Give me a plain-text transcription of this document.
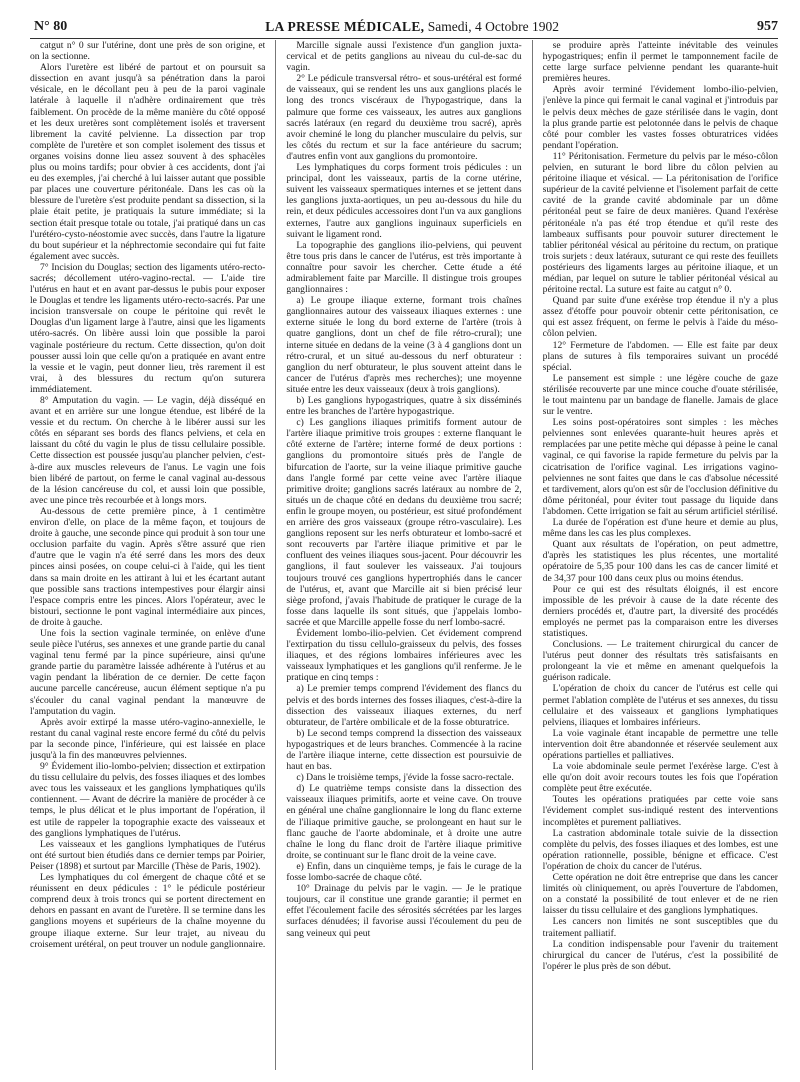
N° 80	LA PRESSE MÉDICALE, Samedi, 4 Octobre 1902	957

catgut n° 0 sur l'utérine, dont une près de son origine, et on la sectionne.

Alors l'uretère est libéré de partout et on poursuit sa dissection en avant jusqu'à sa pénétration dans la paroi vésicale, en le décollant peu à peu de la paroi vaginale latérale à laquelle il n'adhère ordinairement que très faiblement. On procède de la même manière du côté opposé et les deux uretères sont complètement isolés et traversent librement la cavité pelvienne. La dissection par trop complète de l'uretère et son complet isolement des tissus et organes voisins donne lieu assez souvent à des sphacèles plus ou moins tardifs; pour obvier à ces accidents, dont j'ai eu des exemples, j'ai cherché à lui laisser autant que possible par places une couverture péritonéale. Dans les cas où la blessure de l'uretère s'est produite pendant sa dissection, si la plaie était petite, je pratiquais la suture immédiate; si la section était presque totale ou totale, j'ai pratiqué dans un cas l'urétéro-cysto-néostomie avec succès, dans l'autre la ligature du bout supérieur et la néphrectomie secondaire qui fut faite également avec succès.

7° Incision du Douglas; section des ligaments utéro-recto-sacrés; décollement utéro-vagino-rectal. — L'aide tire l'utérus en haut et en avant par-dessus le pubis pour exposer le Douglas et tendre les ligaments utéro-recto-sacrés. Par une incision transversale on coupe le péritoine qui revêt le Douglas d'un ligament large à l'autre, ainsi que les ligaments utéro-sacrés. On libère aussi loin que possible la paroi vaginale postérieure du rectum. Cette dissection, qu'on doit pousser aussi loin que celle qu'on a pratiquée en avant entre la vessie et le vagin, peut donner lieu, très rarement il est vrai, à des blessures du rectum qu'on suturera immédiatement.

8° Amputation du vagin. — Le vagin, déjà disséqué en avant et en arrière sur une longue étendue, est libéré de la vessie et du rectum. On cherche à le libérer aussi sur les côtés en séparant ses bords des flancs pelviens, et cela en laissant du côté du vagin le plus de tissu cellulaire possible. Cette dissection est poussée jusqu'au plancher pelvien, c'est-à-dire aux muscles releveurs de l'anus. Le vagin une fois bien libéré de partout, on ferme le canal vaginal au-dessous de la lésion cancéreuse du col, et aussi loin que possible, avec une pince très recourbée et à longs mors.

Au-dessous de cette première pince, à 1 centimètre environ d'elle, on place de la même façon, et toujours de droite à gauche, une seconde pince qui produit à son tour une occlusion parfaite du vagin. Après s'être assuré que rien d'autre que le vagin n'a été serré dans les mors des deux pinces ainsi posées, on coupe celui-ci à l'aide, qui les tient dans sa main droite en les attirant à lui et les écartant autant que possible sans tractions intempestives pour élargir ainsi l'espace compris entre les pinces. Alors l'opérateur, avec le bistouri, sectionne le pont vaginal intermédiaire aux pinces, de droite à gauche.

Une fois la section vaginale terminée, on enlève d'une seule pièce l'utérus, ses annexes et une grande partie du canal vaginal tenu fermé par la pince supérieure, ainsi qu'une grande partie du paramètre laissée adhérente à l'utérus et au vagin pendant la libération de ce dernier. De cette façon aucune parcelle cancéreuse, aucun élément septique n'a pu s'écouler du canal vaginal pendant la manœuvre de l'amputation du vagin.

Après avoir extirpé la masse utéro-vagino-annexielle, le restant du canal vaginal reste encore fermé du côté du pelvis par la seconde pince, l'inférieure, qui est laissée en place jusqu'à la fin des manœuvres pelviennes.

9° Évidement ilio-lombo-pelvien; dissection et extirpation du tissu cellulaire du pelvis, des fosses iliaques et des lombes avec tous les vaisseaux et les ganglions lymphatiques qu'ils contiennent. — Avant de décrire la manière de procéder à ce temps, le plus délicat et le plus important de l'opération, il est utile de rappeler la topographie exacte des vaisseaux et des ganglions lymphatiques de l'utérus.

Les vaisseaux et les ganglions lymphatiques de l'utérus ont été surtout bien étudiés dans ce dernier temps par Poirier, Peiser (1898) et surtout par Marcille (Thèse de Paris, 1902).

Les lymphatiques du col émergent de chaque côté et se réunissent en deux pédicules : 1° le pédicule postérieur comprend deux à trois troncs qui se portent directement en dehors en passant en avant de l'uretère. Il se termine dans les ganglions moyens et supérieurs de la chaîne moyenne du groupe iliaque externe. Sur leur trajet, au niveau du croisement urétéral, on peut trouver un nodule ganglionnaire.

Marcille signale aussi l'existence d'un ganglion juxta-cervical et de petits ganglions au niveau du cul-de-sac du vagin.

2° Le pédicule transversal rétro- et sous-urétéral est formé de vaisseaux, qui se rendent les uns aux ganglions placés le long des troncs viscéraux de l'hypogastrique, dans la palmure que forme ces vaisseaux, les autres aux ganglions sacrés latéraux (en regard du deuxième trou sacré), après avoir cheminé le long du plancher musculaire du pelvis, sur les côtés du rectum et sur la face antérieure du sacrum; d'autres enfin vont aux ganglions du promontoire.

Les lymphatiques du corps forment trois pédicules : un principal, dont les vaisseaux, partis de la corne utérine, suivent les vaisseaux spermatiques internes et se jettent dans les ganglions juxta-aortiques, un peu au-dessous du hile du rein, et deux pédicules accessoires dont l'un va aux ganglions externes, l'autre aux ganglions inguinaux superficiels en suivant le ligament rond.

La topographie des ganglions ilio-pelviens, qui peuvent être tous pris dans le cancer de l'utérus, est très importante à connaître pour savoir les chercher. Cette étude a été admirablement faite par Marcille. Il distingue trois groupes ganglionnaires :

a) Le groupe iliaque externe, formant trois chaînes ganglionnaires autour des vaisseaux iliaques externes : une externe située le long du bord externe de l'artère (trois à quatre ganglions, dont un chef de file rétro-crural); une interne située en dedans de la veine (3 à 4 ganglions dont un rétro-crural, et un situé au-dessous du nerf obturateur : ganglion du nerf obturateur, le plus souvent atteint dans le cancer de l'utérus d'après mes recherches); une moyenne située entre les deux vaisseaux (deux à trois ganglions).

b) Les ganglions hypogastriques, quatre à six disséminés entre les branches de l'artère hypogastrique.

c) Les ganglions iliaques primitifs forment autour de l'artère iliaque primitive trois groupes : externe flanquant le côté externe de l'artère; interne formé de deux portions : ganglions du promontoire situés près de l'angle de bifurcation de l'aorte, sur la veine iliaque primitive gauche dans l'angle formé par cette veine avec l'artère iliaque primitive droite; ganglions sacrés latéraux au nombre de 2, situés un de chaque côté en dedans du deuxième trou sacré; enfin le groupe moyen, ou postérieur, est situé profondément en arrière des gros vaisseaux (groupe rétro-vasculaire). Les ganglions reposent sur les nerfs obturateur et lombo-sacré et sont recouverts par l'artère iliaque primitive et par le confluent des veines iliaques sous-jacent. Pour découvrir les ganglions, il faut soulever les vaisseaux. J'ai toujours toujours trouvé ces ganglions hypertrophiés dans le cancer de l'utérus, et, avant que Marcille ait si bien précisé leur siège profond, j'avais l'habitude de pratiquer le curage de la fosse dans laquelle ils sont situés, que j'appelais lombo-sacrée et que Marcille appelle fosse du nerf lombo-sacré.

Évidement lombo-ilio-pelvien. Cet évidement comprend l'extirpation du tissu cellulo-graisseux du pelvis, des fosses iliaques, et des régions lombaires inférieures avec les vaisseaux lymphatiques et les ganglions qu'il renferme. Je le pratique en cinq temps :

a) Le premier temps comprend l'évidement des flancs du pelvis et des bords internes des fosses iliaques, c'est-à-dire la dissection des vaisseaux iliaques externes, du nerf obturateur, de l'artère ombilicale et de la fosse obturatrice.

b) Le second temps comprend la dissection des vaisseaux hypogastriques et de leurs branches. Commencée à la racine de l'artère iliaque interne, cette dissection est poursuivie de haut en bas.

c) Dans le troisième temps, j'évide la fosse sacro-rectale.

d) Le quatrième temps consiste dans la dissection des vaisseaux iliaques primitifs, aorte et veine cave. On trouve en général une chaîne ganglionnaire le long du flanc externe de l'iliaque primitive gauche, se prolongeant en haut sur le flanc gauche de l'aorte abdominale, et à droite une autre chaîne le long du flanc droit de l'artère iliaque primitive droite, se continuant sur le flanc droit de la veine cave.

e) Enfin, dans un cinquième temps, je fais le curage de la fosse lombo-sacrée de chaque côté.

10° Drainage du pelvis par le vagin. — Je le pratique toujours, car il constitue une grande garantie; il permet en effet l'écoulement facile des sérosités sécrétées par les larges surfaces dénudées; il favorise aussi l'écoulement du peu de sang veineux qui peut

se produire après l'atteinte inévitable des veinules hypogastriques; enfin il permet le tamponnement facile de cette large surface pelvienne pendant les quarante-huit premières heures.

Après avoir terminé l'évidement lombo-ilio-pelvien, j'enlève la pince qui fermait le canal vaginal et j'introduis par le pelvis deux mèches de gaze stérilisée dans le vagin, dont la plus grande partie est pelotonnée dans le pelvis de chaque côté pour combler les vastes fosses obturatrices vidées pendant l'opération.

11° Péritonisation. Fermeture du pelvis par le méso-côlon pelvien, en suturant le bord libre du côlon pelvien au péritoine iliaque et vésical. — La péritonisation de l'orifice supérieur de la cavité pelvienne et l'isolement parfait de cette cavité de la grande cavité abdominale par un dôme péritonéal peut se faire de deux manières. Quand l'exérèse péritonéale n'a pas été trop étendue et qu'il reste des lambeaux suffisants pour pouvoir suturer directement le tablier péritonéal vésical au péritoine du rectum, on pratique trois surjets : deux latéraux, suturant ce qui reste des feuillets postérieurs des ligaments larges au péritoine iliaque, et un médian, par lequel on suture le tablier péritonéal vésical au péritoine rectal. La suture est faite au catgut n° 0.

Quand par suite d'une exérèse trop étendue il n'y a plus assez d'étoffe pour pouvoir obtenir cette péritonisation, ce qui est assez fréquent, on ferme le pelvis à l'aide du méso-côlon pelvien.

12° Fermeture de l'abdomen. — Elle est faite par deux plans de sutures à fils temporaires suivant un procédé spécial.

Le pansement est simple : une légère couche de gaze stérilisée recouverte par une mince couche d'ouate stérilisée, le tout maintenu par un bandage de flanelle. Jamais de glace sur le ventre.

Les soins post-opératoires sont simples : les mèches pelviennes sont enlevées quarante-huit heures après et remplacées par une petite mèche qui dépasse à peine le canal vaginal, ce qui favorise la rapide fermeture du pelvis par la cicatrisation de l'orifice vaginal. Les irrigations vagino-pelviennes ne sont faites que dans le cas d'absolue nécessité et tardivement, alors qu'on est sûr de l'occlusion définitive du dôme péritonéal, pour éviter tout passage du liquide dans l'abdomen. Cette irrigation se fait au sérum artificiel stérilisé.

La durée de l'opération est d'une heure et demie au plus, même dans les cas les plus complexes.

Quant aux résultats de l'opération, on peut admettre, d'après les statistiques les plus récentes, une mortalité opératoire de 5,35 pour 100 dans les cas de cancer limité et de 34,37 pour 100 dans ceux plus ou moins étendus.

Pour ce qui est des résultats éloignés, il est encore impossible de les prévoir à cause de la date récente des derniers procédés et, d'autre part, la diversité des procédés employés ne permet pas la comparaison entre les diverses statistiques.

Conclusions. — Le traitement chirurgical du cancer de l'utérus peut donner des résultats très satisfaisants en prolongeant la vie et même en amenant quelquefois la guérison radicale.

L'opération de choix du cancer de l'utérus est celle qui permet l'ablation complète de l'utérus et ses annexes, du tissu cellulaire et des vaisseaux et ganglions lymphatiques pelviens, iliaques et lombaires inférieurs.

La voie vaginale étant incapable de permettre une telle intervention doit être abandonnée et réservée seulement aux opérations partielles et palliatives.

La voie abdominale seule permet l'exérèse large. C'est à elle qu'on doit avoir recours toutes les fois que l'opération complète peut être exécutée.

Toutes les opérations pratiquées par cette voie sans l'évidement complet sus-indiqué restent des interventions incomplètes et purement palliatives.

La castration abdominale totale suivie de la dissection complète du pelvis, des fosses iliaques et des lombes, est une opération rationnelle, possible, bénigne et efficace. C'est l'opération de choix du cancer de l'utérus.

Cette opération ne doit être entreprise que dans les cancer limités où cliniquement, ou après l'ouverture de l'abdomen, on a constaté la possibilité de tout enlever et de ne rien laisser du tissu cellulaire et des ganglions lymphatiques.

Les cancers non limités ne sont susceptibles que du traitement palliatif.

La condition indispensable pour l'avenir du traitement chirurgical du cancer de l'utérus, c'est la possibilité de l'opérer le plus près de son début.
